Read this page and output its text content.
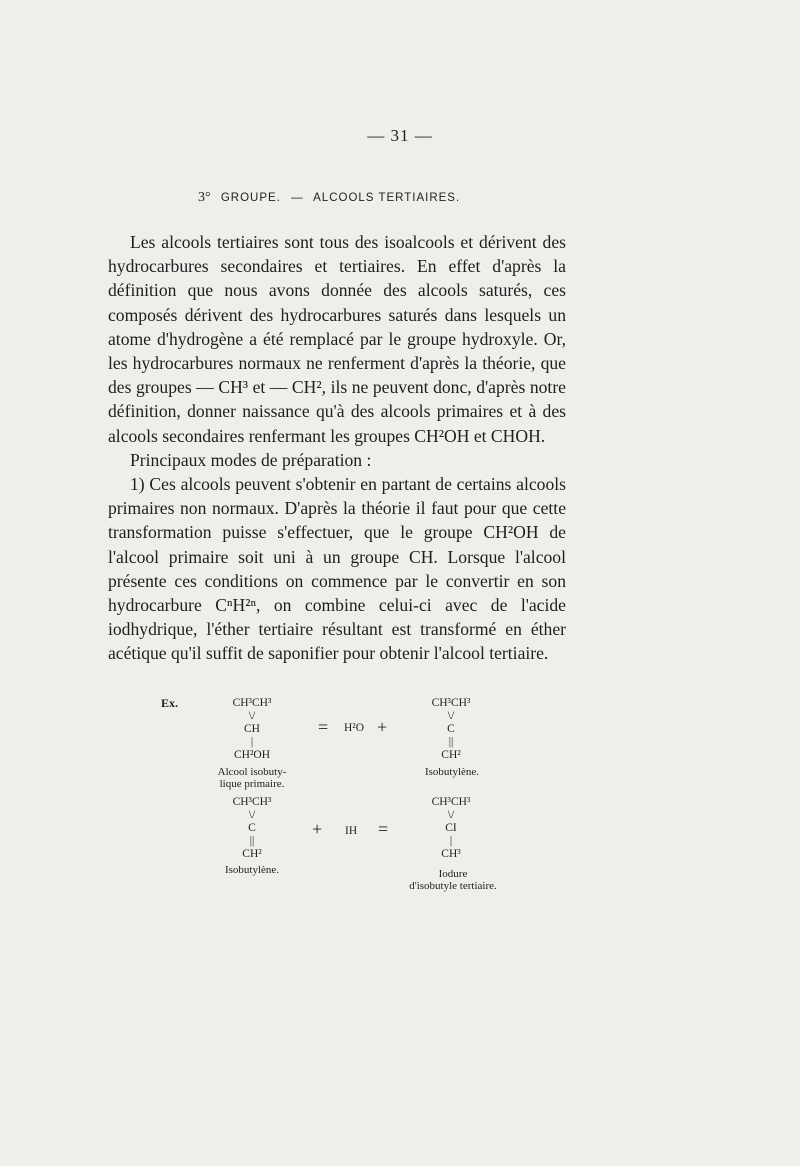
— 31 —
3° GROUPE. — ALCOOLS TERTIAIRES.

Les alcools tertiaires sont tous des isoalcools et dérivent des hydrocarbures secondaires et tertiaires. En effet d'après la définition que nous avons donnée des alcools saturés, ces composés dérivent des hydrocarbures saturés dans lesquels un atome d'hydrogène a été remplacé par le groupe hydroxyle. Or, les hydrocarbures normaux ne renferment d'après la théorie, que des groupes — CH³ et — CH², ils ne peuvent donc, d'après notre définition, donner naissance qu'à des alcools primaires et à des alcools secondaires renfermant les groupes CH²OH et CHOH.

Principaux modes de préparation :

1) Ces alcools peuvent s'obtenir en partant de certains alcools primaires non normaux. D'après la théorie il faut pour que cette transformation puisse s'effectuer, que le groupe CH²OH de l'alcool primaire soit uni à un groupe CH. Lorsque l'alcool présente ces conditions on commence par le convertir en son hydrocarbure CⁿH²ⁿ, on combine celui-ci avec de l'acide iodhydrique, l'éther tertiaire résultant est transformé en éther acétique qu'il suffit de saponifier pour obtenir l'alcool tertiaire.

Ex.	CH³CH³
\/
CH
|
CH²OH
Alcool isobuty-
lique primaire.
= H²O +
CH³CH³
\/
C
||
CH²
Isobutylène.
CH³CH³
\/
C
||
CH²
Isobutylène.
+ IH =
CH³CH³
\/
CI
|
CH³
Iodure
d'isobutyle tertiaire.
